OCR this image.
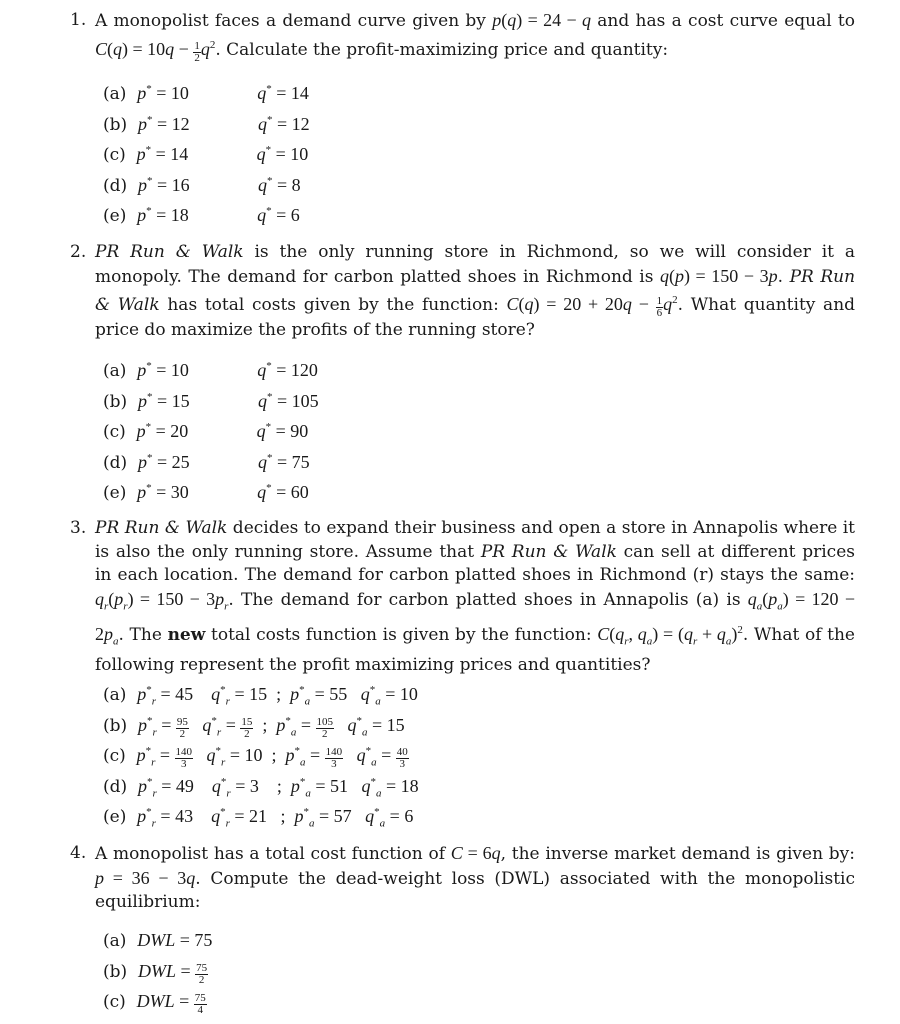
1. A monopolist faces a demand curve given by p(q) = 24 − q and has a cost curve equal to $C(q) = 10q - \frac{1}{2} q^2$. Calculate the profit-maximizing price and quantity:
(a) p* = 10	q* = 14
(b) p* = 12	q* = 12
(c) p* = 14	q* = 10
(d) p* = 16	q* = 8
(e) p* = 18	q* = 6
2. PR Run & Walk is the only running store in Richmond, so we will consider it a monopoly. The demand for carbon platted shoes in Richmond is q(p) = 150 − 3p. PR Run & Walk has total costs given by the function: $C(q) = 20 + 20q - \frac{1}{6} q^2$. What quantity and price do maximize the profits of the running store?
(a) p* = 10	q* = 120
(b) p* = 15	q* = 105
(c) p* = 20	q* = 90
(d) p* = 25	q* = 75
(e) p* = 30	q* = 60
3. PR Run & Walk decides to expand their business and open a store in Annapolis where it is also the only running store. Assume that PR Run & Walk can sell at different prices in each location. The demand for carbon platted shoes in Richmond (r) stays the same: $q_r(p_r) = 150 - 3p_r$. The demand for carbon platted shoes in Annapolis (a) is $q_a(p_a) = 120 - 2p_a$. The new total costs function is given by the function: $C(q_r$, $q_a) = (q_r + q_a)^2$. What of the following represent the profit maximizing prices and quantities?
(a) $p^*_r = 45$    $q^*_r = 15$  ;  $p^*_a = 55$   $q^*_a = 10$
(b) $p^*_r = \frac{95}{2} q^*_r = \frac{15}{2}$ ;  $p^*_a = \frac{105}{2} q^*_a = 15$
(c) $p^*_r = \frac{140}{3} q^*_r = 10$  ;  $p^*_a = \frac{140}{3} q^*_a = \frac{40}{3}$
(d) $p^*_r = 49$    $q^*_r = 3$    ;  $p^*_a = 51$   $q^*_a = 18$
(e) $p^*_r = 43$    $q^*_r = 21$   ;  $p^*_a = 57$   $q^*_a = 6$
4. A monopolist has a total cost function of C = 6q, the inverse market demand is given by: p = 36 − 3q. Compute the dead-weight loss (DWL) associated with the monopolistic equilibrium:
(a) DWL = 75
(b) DWL = $\frac{75}{2}$
(c) DWL = $\frac{75}{4}$
